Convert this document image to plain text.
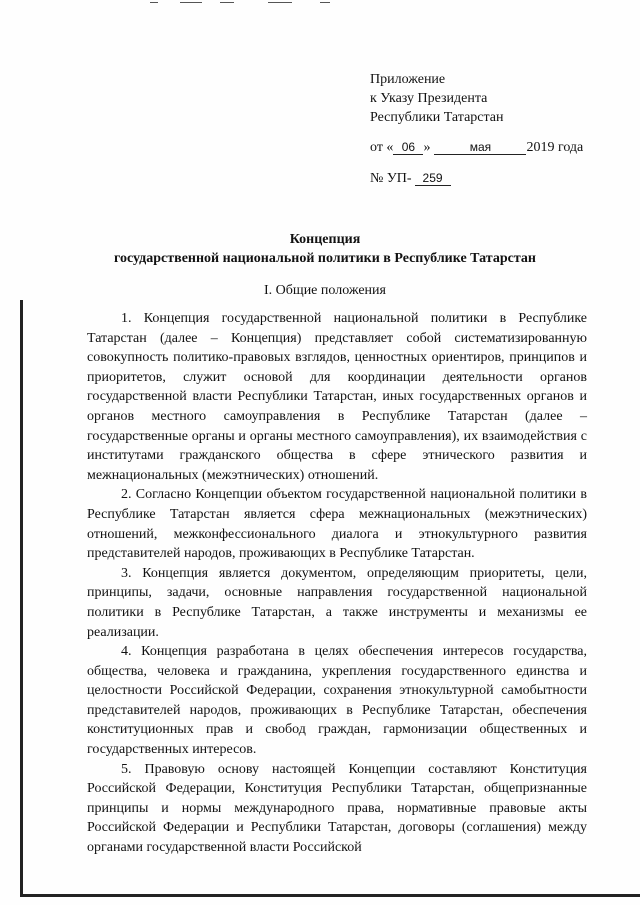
Приложение
к Указу Президента
Республики Татарстан
от « 06 »	мая	2019 года
№ УП- 259
Концепция
государственной национальной политики в Республике Татарстан
I. Общие положения

1. Концепция государственной национальной политики в Республике Татарстан (далее – Концепция) представляет собой систематизированную совокупность политико-правовых взглядов, ценностных ориентиров, принципов и приоритетов, служит основой для координации деятельности органов государственной власти Республики Татарстан, иных государственных органов и органов местного самоуправления в Республике Татарстан (далее – государственные органы и органы местного самоуправления), их взаимодействия с институтами гражданского общества в сфере этнического развития и межнациональных (межэтнических) отношений.

2. Согласно Концепции объектом государственной национальной политики в Республике Татарстан является сфера межнациональных (межэтнических) отношений, межконфессионального диалога и этнокультурного развития представителей народов, проживающих в Республике Татарстан.

3. Концепция является документом, определяющим приоритеты, цели, принципы, задачи, основные направления государственной национальной политики в Республике Татарстан, а также инструменты и механизмы ее реализации.

4. Концепция разработана в целях обеспечения интересов государства, общества, человека и гражданина, укрепления государственного единства и целостности Российской Федерации, сохранения этнокультурной самобытности представителей народов, проживающих в Республике Татарстан, обеспечения конституционных прав и свобод граждан, гармонизации общественных и государственных интересов.

5. Правовую основу настоящей Концепции составляют Конституция Российской Федерации, Конституция Республики Татарстан, общепризнанные принципы и нормы международного права, нормативные правовые акты Российской Федерации и Республики Татарстан, договоры (соглашения) между органами государственной власти Российской
